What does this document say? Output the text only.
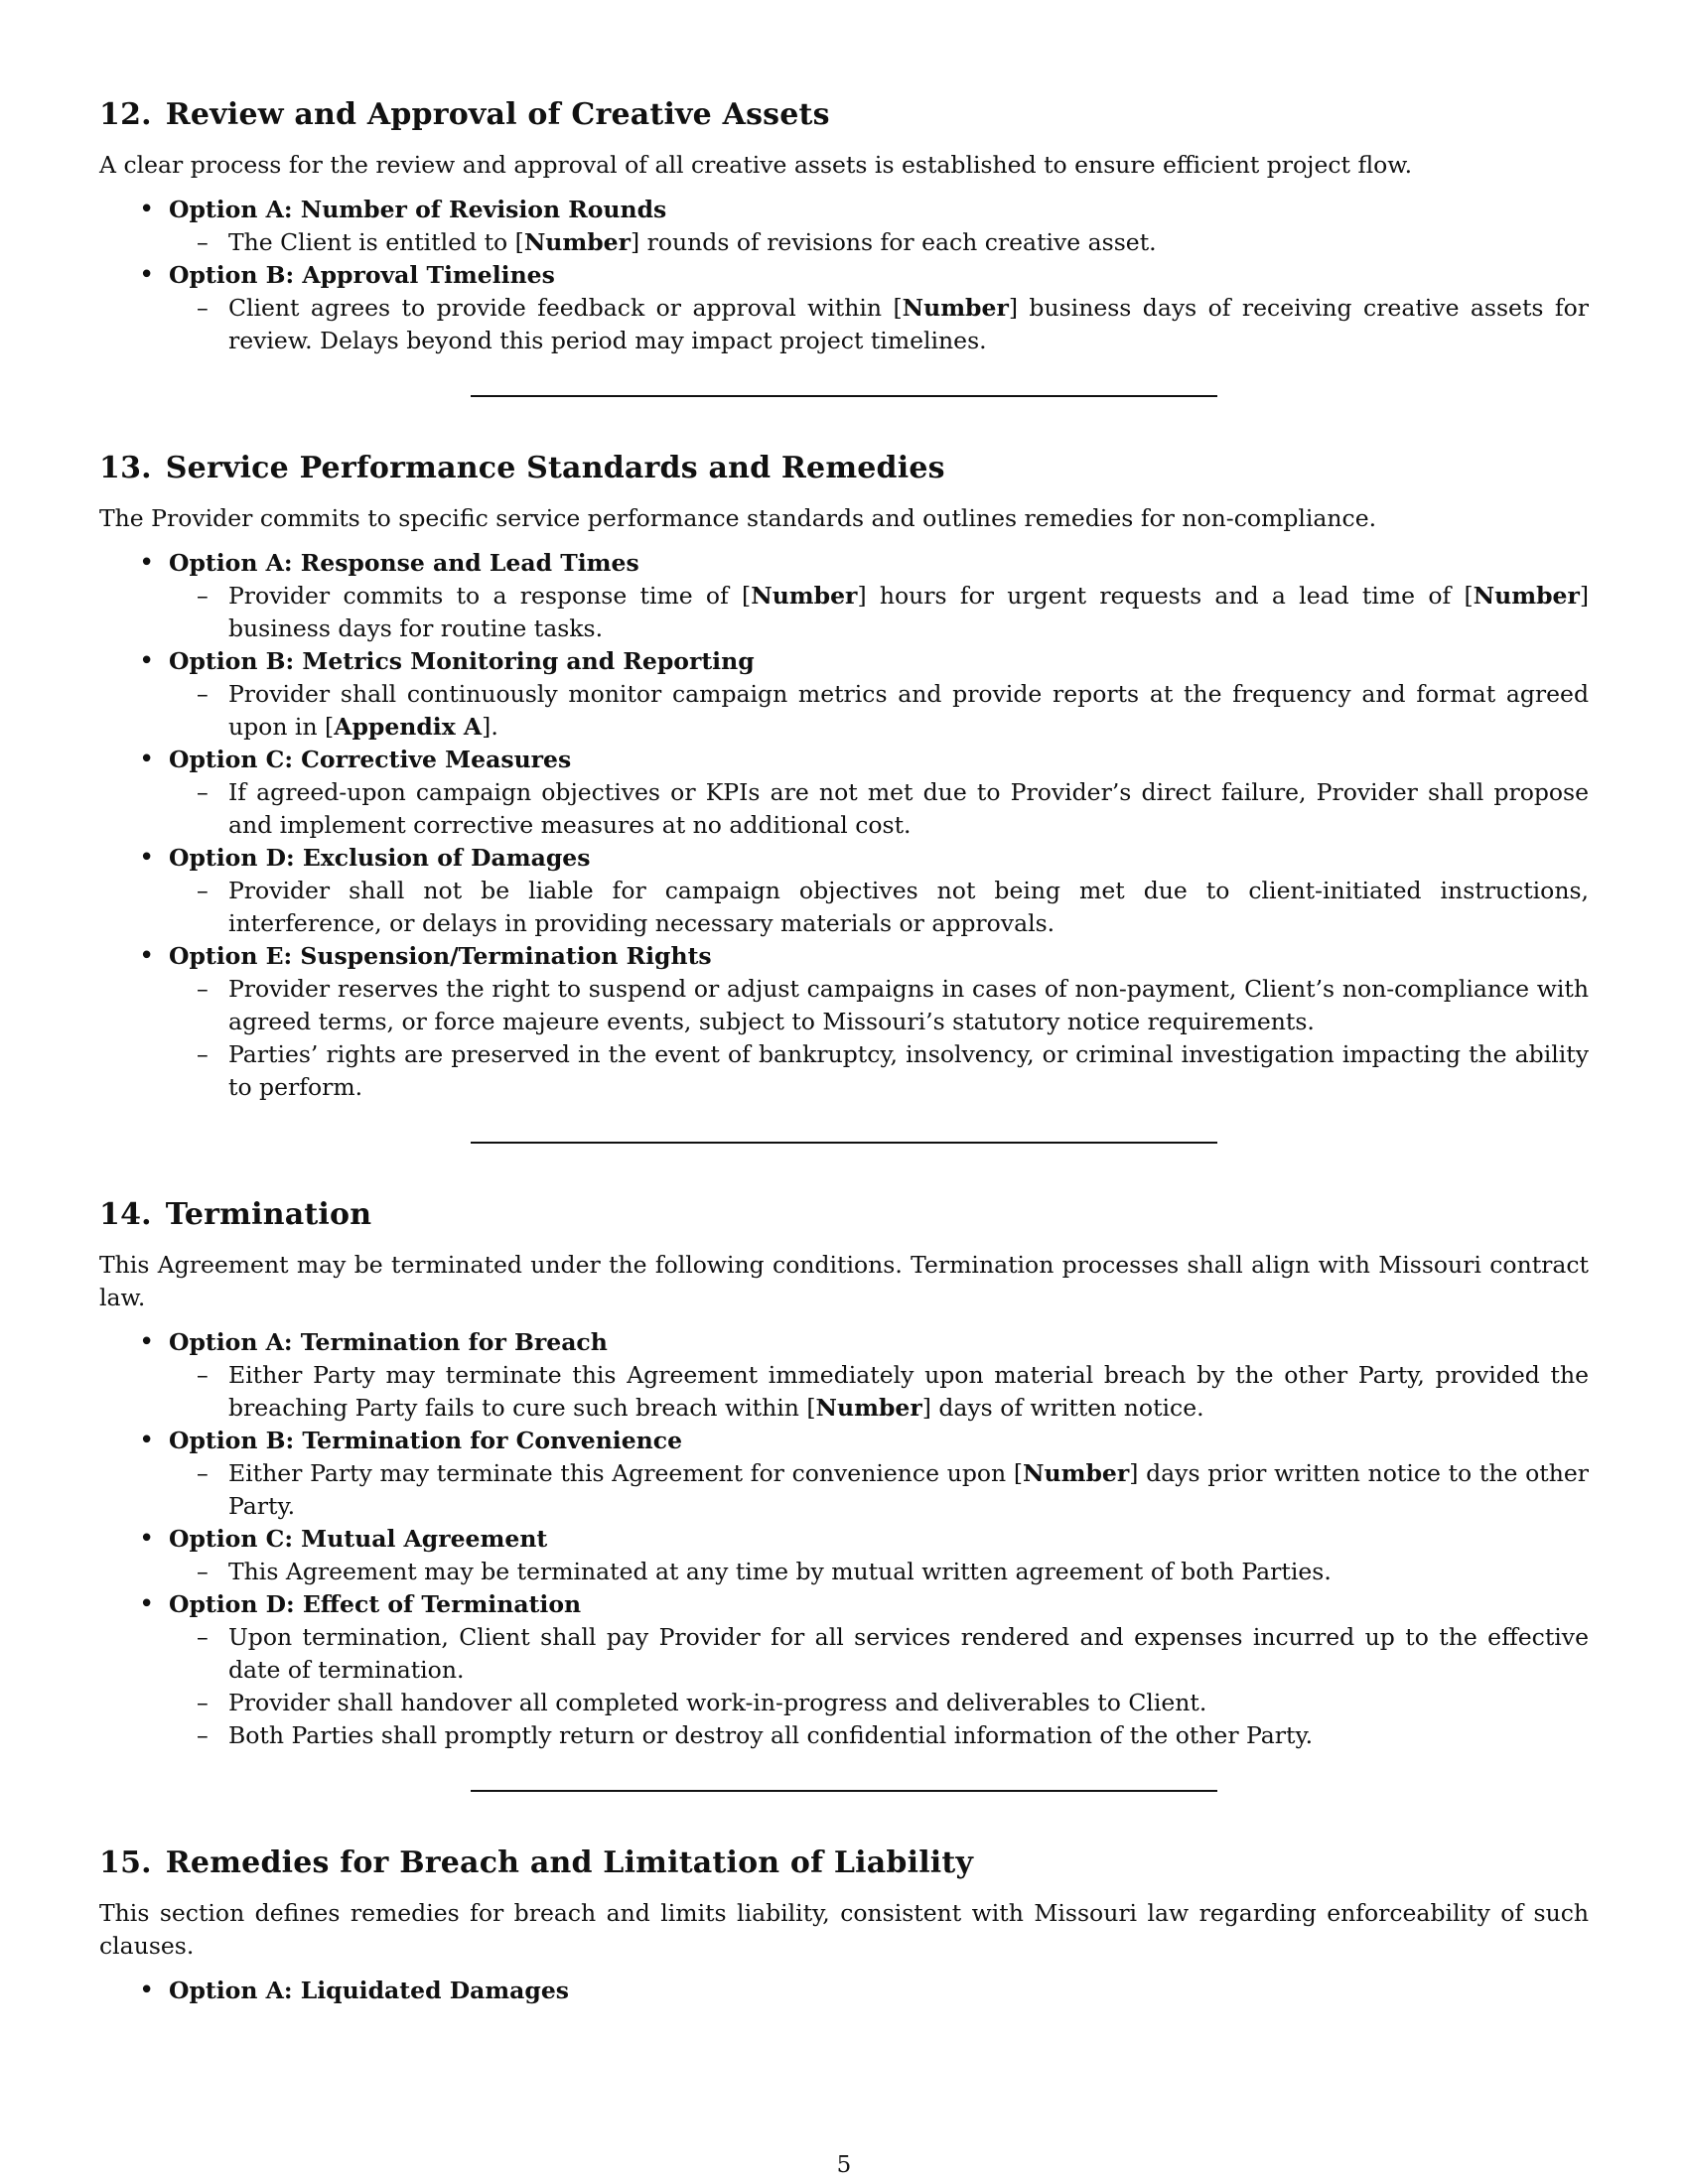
12. Review and Approval of Creative Assets

A clear process for the review and approval of all creative assets is established to ensure efficient project flow.

• Option A: Number of Revision Rounds
– The Client is entitled to [Number] rounds of revisions for each creative asset.
• Option B: Approval Timelines
– Client agrees to provide feedback or approval within [Number] business days of receiving creative assets for review. Delays beyond this period may impact project timelines.
13. Service Performance Standards and Remedies

The Provider commits to specific service performance standards and outlines remedies for non-compliance.

• Option A: Response and Lead Times
– Provider commits to a response time of [Number] hours for urgent requests and a lead time of [Number] business days for routine tasks.
• Option B: Metrics Monitoring and Reporting
– Provider shall continuously monitor campaign metrics and provide reports at the frequency and format agreed upon in [Appendix A].
• Option C: Corrective Measures
– If agreed-upon campaign objectives or KPIs are not met due to Provider’s direct failure, Provider shall propose and implement corrective measures at no additional cost.
• Option D: Exclusion of Damages
– Provider shall not be liable for campaign objectives not being met due to client-initiated instructions, interference, or delays in providing necessary materials or approvals.
• Option E: Suspension/Termination Rights
– Provider reserves the right to suspend or adjust campaigns in cases of non-payment, Client’s non-compliance with agreed terms, or force majeure events, subject to Missouri’s statutory notice requirements.
– Parties’ rights are preserved in the event of bankruptcy, insolvency, or criminal investigation impacting the ability to perform.
14. Termination

This Agreement may be terminated under the following conditions. Termination processes shall align with Missouri contract law.

• Option A: Termination for Breach
– Either Party may terminate this Agreement immediately upon material breach by the other Party, provided the breaching Party fails to cure such breach within [Number] days of written notice.
• Option B: Termination for Convenience
– Either Party may terminate this Agreement for convenience upon [Number] days prior written notice to the other Party.
• Option C: Mutual Agreement
– This Agreement may be terminated at any time by mutual written agreement of both Parties.
• Option D: Effect of Termination
– Upon termination, Client shall pay Provider for all services rendered and expenses incurred up to the effective date of termination.
– Provider shall handover all completed work-in-progress and deliverables to Client.
– Both Parties shall promptly return or destroy all confidential information of the other Party.
15. Remedies for Breach and Limitation of Liability

This section defines remedies for breach and limits liability, consistent with Missouri law regarding enforceability of such clauses.

• Option A: Liquidated Damages
5
